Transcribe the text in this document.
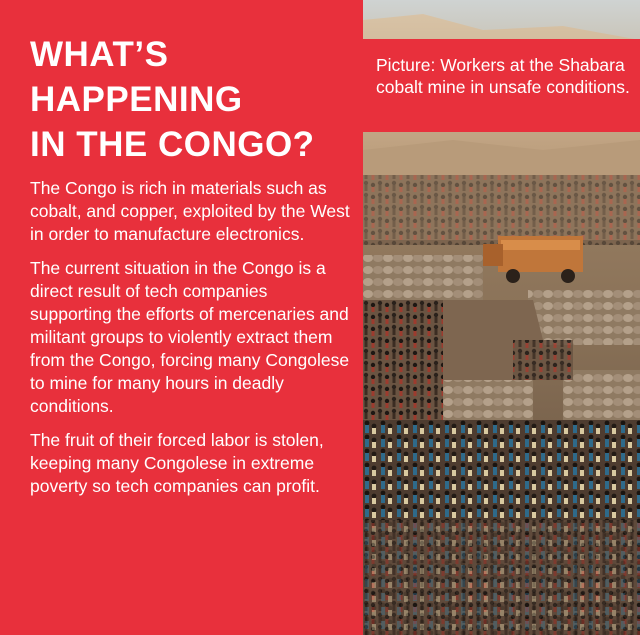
WHAT’S
HAPPENING
IN THE CONGO?

The Congo is rich in materials such as cobalt, and copper, exploited by the West in order to manufacture electronics.

The current situation in the Congo is a direct result of tech companies supporting the efforts of mercenaries and militant groups to violently extract them from the Congo, forcing many Congolese to mine for many hours in deadly conditions.

The fruit of their forced labor is stolen, keeping many Congolese in extreme poverty so tech companies can profit.

Picture: Workers at the Shabara cobalt mine in unsafe conditions.
